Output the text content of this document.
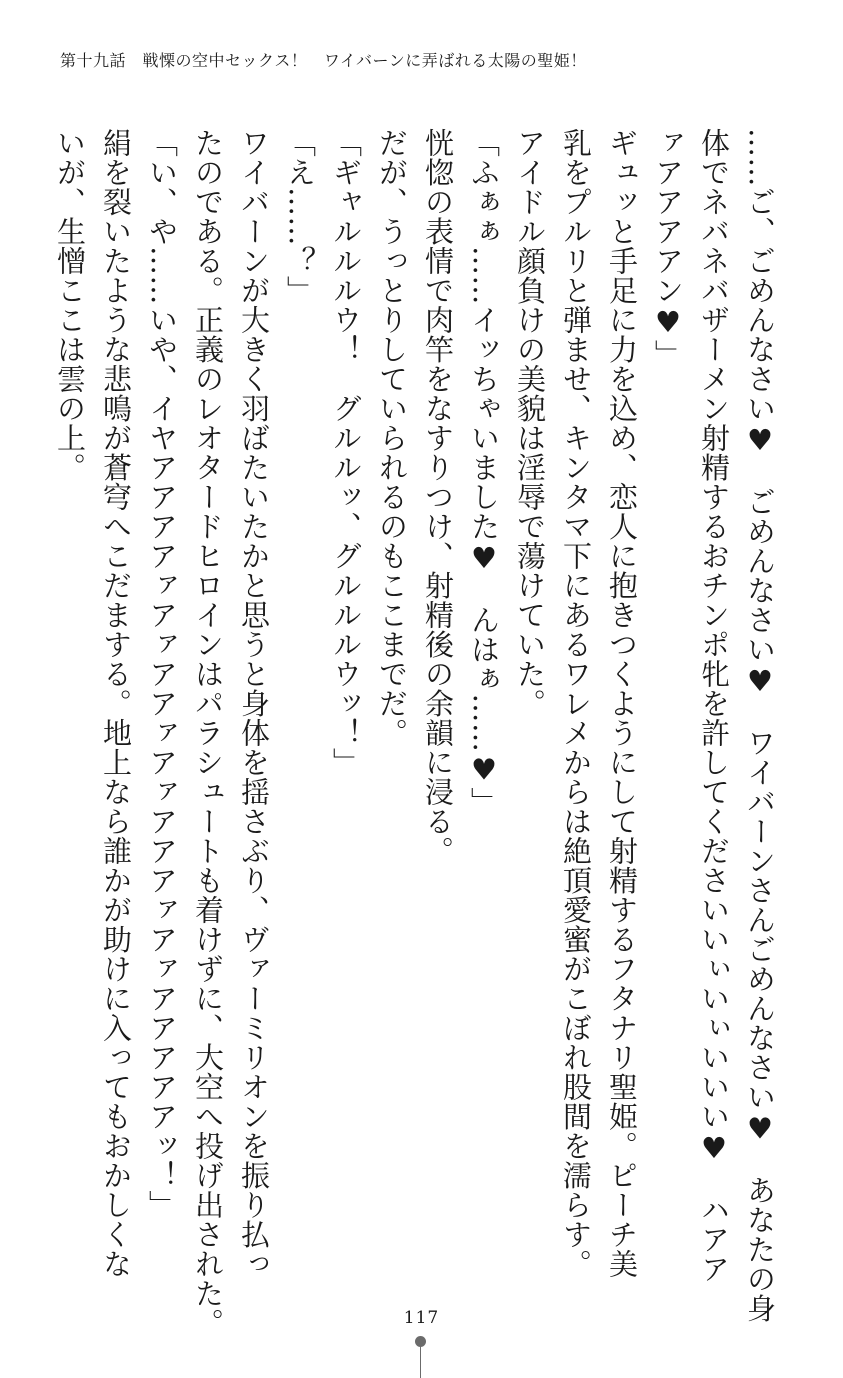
第十九話　戦慄の空中セックス！　ワイバーンに弄ばれる太陽の聖姫！
……ご、ごめんなさい♥　ごめんなさい♥　ワイバーンさんごめんなさい♥　あなたの身
体でネバネバザーメン射精するおチンポ牝を許してくださいいぃいぃいいい♥　ハアア
ァアアアアン♥」
ギュッと手足に力を込め、恋人に抱きつくようにして射精するフタナリ聖姫。ピーチ美
乳をプルリと弾ませ、キンタマ下にあるワレメからは絶頂愛蜜がこぼれ股間を濡らす。
アイドル顔負けの美貌は淫辱で蕩けていた。
「ふぁぁ……イッちゃいました♥　んはぁ……♥」
恍惚の表情で肉竿をなすりつけ、射精後の余韻に浸る。
だが、うっとりしていられるのもここまでだ。
「ギャルルルウ！　グルルッ、グルルルウッ！」
「え……？」
ワイバーンが大きく羽ばたいたかと思うと身体を揺さぶり、ヴァーミリオンを振り払っ
たのである。正義のレオタードヒロインはパラシュートも着けずに、大空へ投げ出された。
「い、や……いや、イヤアアアアァアァアアァアァアアアァアァアアアアアッ！」
絹を裂いたような悲鳴が蒼穹へこだまする。地上なら誰かが助けに入ってもおかしくな
いが、生憎ここは雲の上。
117
